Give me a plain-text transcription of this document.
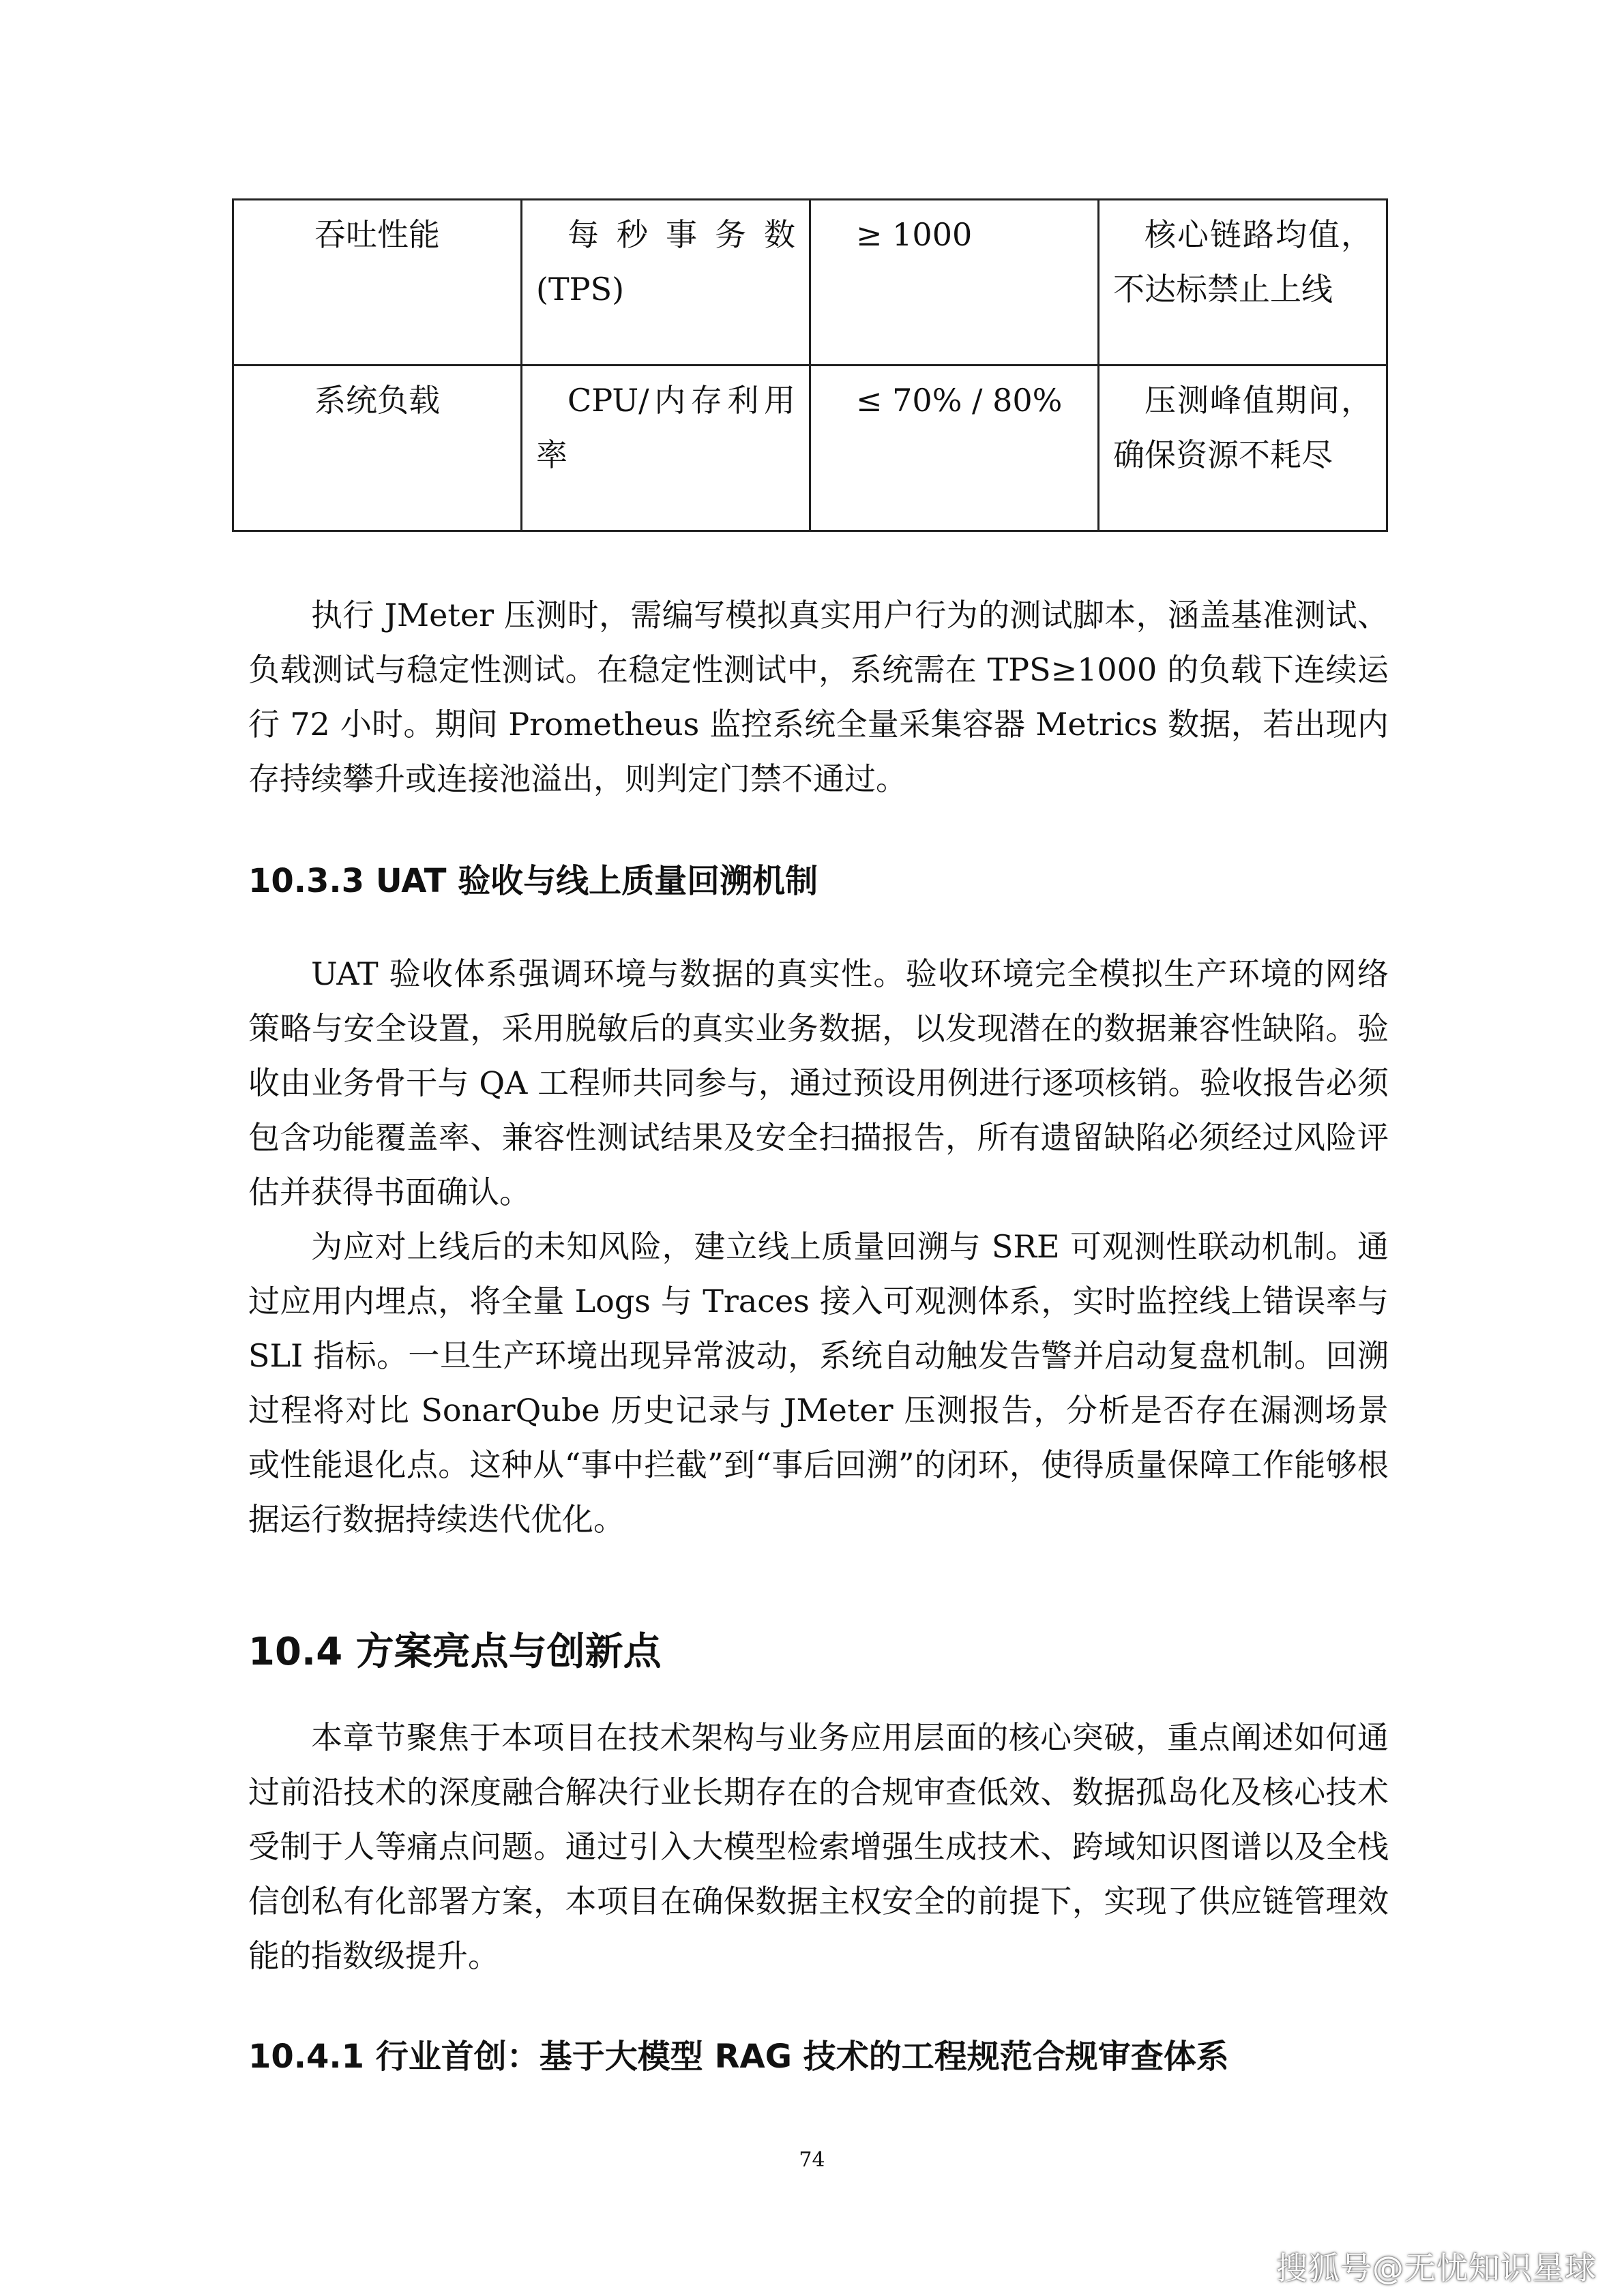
吞吐性能	每秒事务数(TPS)	≥ 1000	核心链路均值，不达标禁止上线
系统负载	CPU/内存利用率	≤ 70% / 80%	压测峰值期间，确保资源不耗尽

执行 JMeter 压测时，需编写模拟真实用户行为的测试脚本，涵盖基准测试、负载测试与稳定性测试。在稳定性测试中，系统需在 TPS≥1000 的负载下连续运行 72 小时。期间 Prometheus 监控系统全量采集容器 Metrics 数据，若出现内存持续攀升或连接池溢出，则判定门禁不通过。

10.3.3 UAT 验收与线上质量回溯机制

UAT 验收体系强调环境与数据的真实性。验收环境完全模拟生产环境的网络策略与安全设置，采用脱敏后的真实业务数据，以发现潜在的数据兼容性缺陷。验收由业务骨干与 QA 工程师共同参与，通过预设用例进行逐项核销。验收报告必须包含功能覆盖率、兼容性测试结果及安全扫描报告，所有遗留缺陷必须经过风险评估并获得书面确认。

为应对上线后的未知风险，建立线上质量回溯与 SRE 可观测性联动机制。通过应用内埋点，将全量 Logs 与 Traces 接入可观测体系，实时监控线上错误率与 SLI 指标。一旦生产环境出现异常波动，系统自动触发告警并启动复盘机制。回溯过程将对比 SonarQube 历史记录与 JMeter 压测报告，分析是否存在漏测场景或性能退化点。这种从“事中拦截”到“事后回溯”的闭环，使得质量保障工作能够根据运行数据持续迭代优化。

10.4 方案亮点与创新点

本章节聚焦于本项目在技术架构与业务应用层面的核心突破，重点阐述如何通过前沿技术的深度融合解决行业长期存在的合规审查低效、数据孤岛化及核心技术受制于人等痛点问题。通过引入大模型检索增强生成技术、跨域知识图谱以及全栈信创私有化部署方案，本项目在确保数据主权安全的前提下，实现了供应链管理效能的指数级提升。

10.4.1 行业首创：基于大模型 RAG 技术的工程规范合规审查体系
74
搜狐号@无忧知识星球
